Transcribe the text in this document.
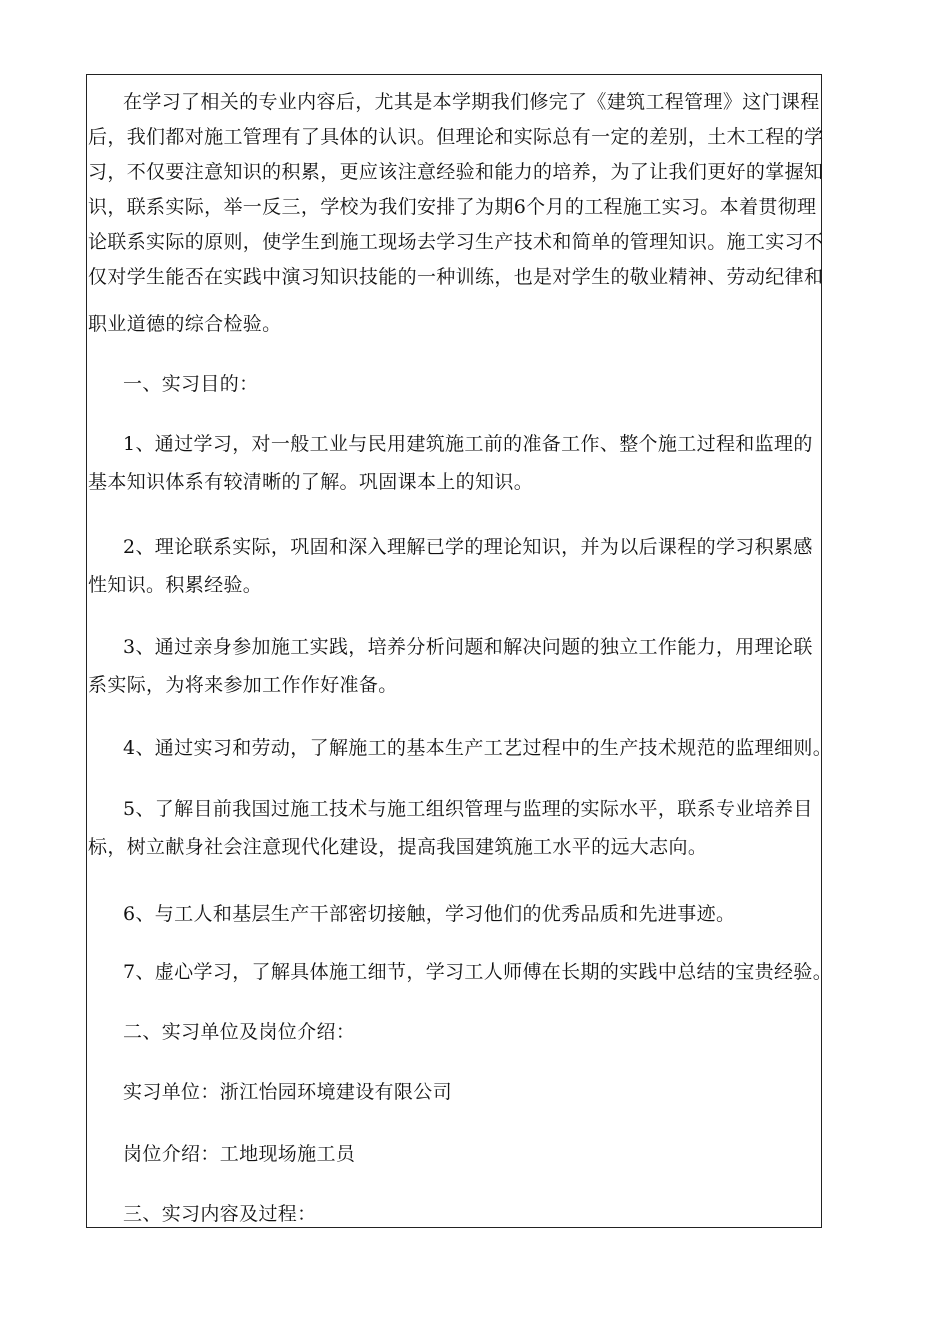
在学习了相关的专业内容后，尤其是本学期我们修完了《建筑工程管理》这门课程
后，我们都对施工管理有了具体的认识。但理论和实际总有一定的差别，土木工程的学
习，不仅要注意知识的积累，更应该注意经验和能力的培养，为了让我们更好的掌握知
识，联系实际，举一反三，学校为我们安排了为期6个月的工程施工实习。本着贯彻理
论联系实际的原则，使学生到施工现场去学习生产技术和简单的管理知识。施工实习不
仅对学生能否在实践中演习知识技能的一种训练，也是对学生的敬业精神、劳动纪律和
职业道德的综合检验。
一、实习目的：
1、通过学习，对一般工业与民用建筑施工前的准备工作、整个施工过程和监理的
基本知识体系有较清晰的了解。巩固课本上的知识。
2、理论联系实际，巩固和深入理解已学的理论知识，并为以后课程的学习积累感
性知识。积累经验。
3、通过亲身参加施工实践，培养分析问题和解决问题的独立工作能力，用理论联
系实际，为将来参加工作作好准备。
4、通过实习和劳动，了解施工的基本生产工艺过程中的生产技术规范的监理细则。
5、了解目前我国过施工技术与施工组织管理与监理的实际水平，联系专业培养目
标，树立献身社会注意现代化建设，提高我国建筑施工水平的远大志向。
6、与工人和基层生产干部密切接触，学习他们的优秀品质和先进事迹。
7、虚心学习，了解具体施工细节，学习工人师傅在长期的实践中总结的宝贵经验。
二、实习单位及岗位介绍：
实习单位：浙江怡园环境建设有限公司
岗位介绍：工地现场施工员
三、实习内容及过程：
